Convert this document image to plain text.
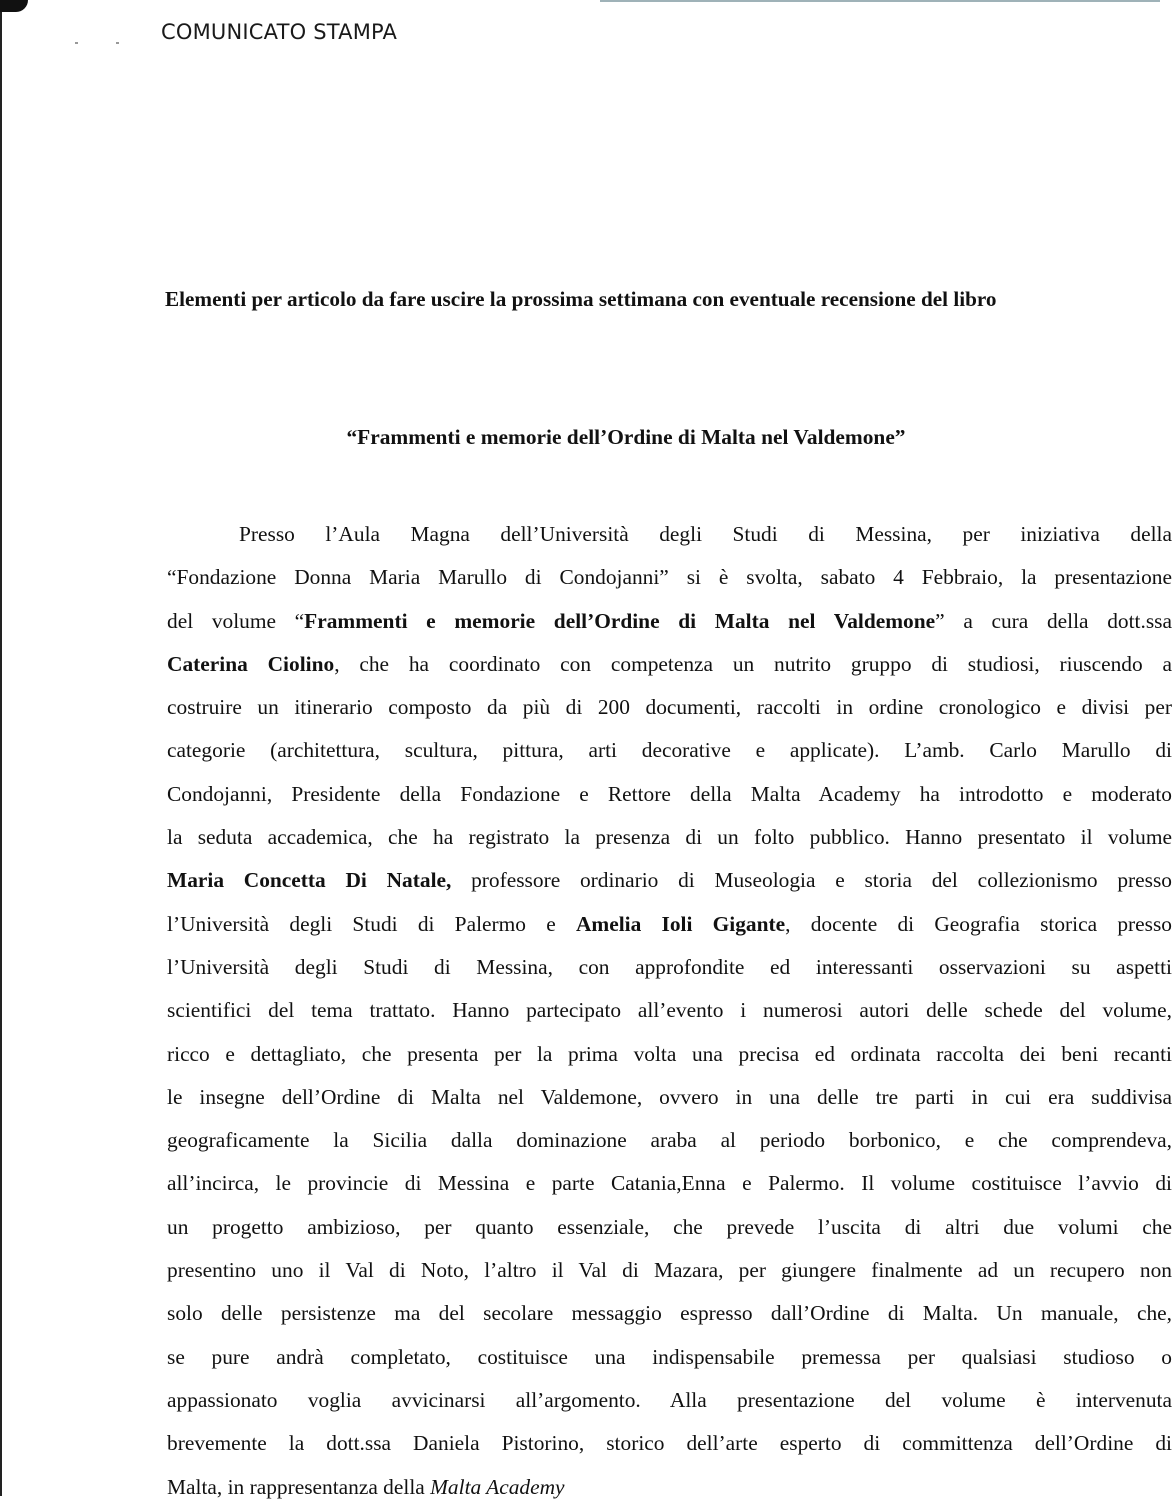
COMUNICATO STAMPA
Elementi per articolo da fare uscire la prossima settimana con eventuale recensione del libro
“Frammenti e memorie dell’Ordine di Malta nel Valdemone”
Presso l’Aula Magna dell’Università degli Studi di Messina, per iniziativa della
“Fondazione Donna Maria Marullo di Condojanni” si è svolta, sabato 4 Febbraio, la presentazione
del volume “Frammenti e memorie dell’Ordine di Malta nel Valdemone” a cura della dott.ssa
Caterina Ciolino, che ha coordinato con competenza un nutrito gruppo di studiosi, riuscendo a
costruire un itinerario composto da più di 200 documenti, raccolti in ordine cronologico e divisi per
categorie (architettura, scultura, pittura, arti decorative e applicate). L’amb. Carlo Marullo di
Condojanni, Presidente della Fondazione e Rettore della Malta Academy ha introdotto e moderato
la seduta accademica, che ha registrato la presenza di un folto pubblico. Hanno presentato il volume
Maria Concetta Di Natale, professore ordinario di Museologia e storia del collezionismo presso
l’Università degli Studi di Palermo e Amelia Ioli Gigante, docente di Geografia storica presso
l’Università degli Studi di Messina, con approfondite ed interessanti osservazioni su aspetti
scientifici del tema trattato. Hanno partecipato all’evento i numerosi autori delle schede del volume,
ricco e dettagliato, che presenta per la prima volta una precisa ed ordinata raccolta dei beni recanti
le insegne dell’Ordine di Malta nel Valdemone, ovvero in una delle tre parti in cui era suddivisa
geograficamente la Sicilia dalla dominazione araba al periodo borbonico, e che comprendeva,
all’incirca, le provincie di Messina e parte Catania,Enna e Palermo. Il volume costituisce l’avvio di
un progetto ambizioso, per quanto essenziale, che prevede l’uscita di altri due volumi che
presentino uno il Val di Noto, l’altro il Val di Mazara, per giungere finalmente ad un recupero non
solo delle persistenze ma del secolare messaggio espresso dall’Ordine di Malta. Un manuale, che,
se pure andrà completato, costituisce una indispensabile premessa per qualsiasi studioso o
appassionato voglia avvicinarsi all’argomento. Alla presentazione del volume è intervenuta
brevemente la dott.ssa Daniela Pistorino, storico dell’arte esperto di committenza dell’Ordine di
Malta, in rappresentanza della Malta Academy
